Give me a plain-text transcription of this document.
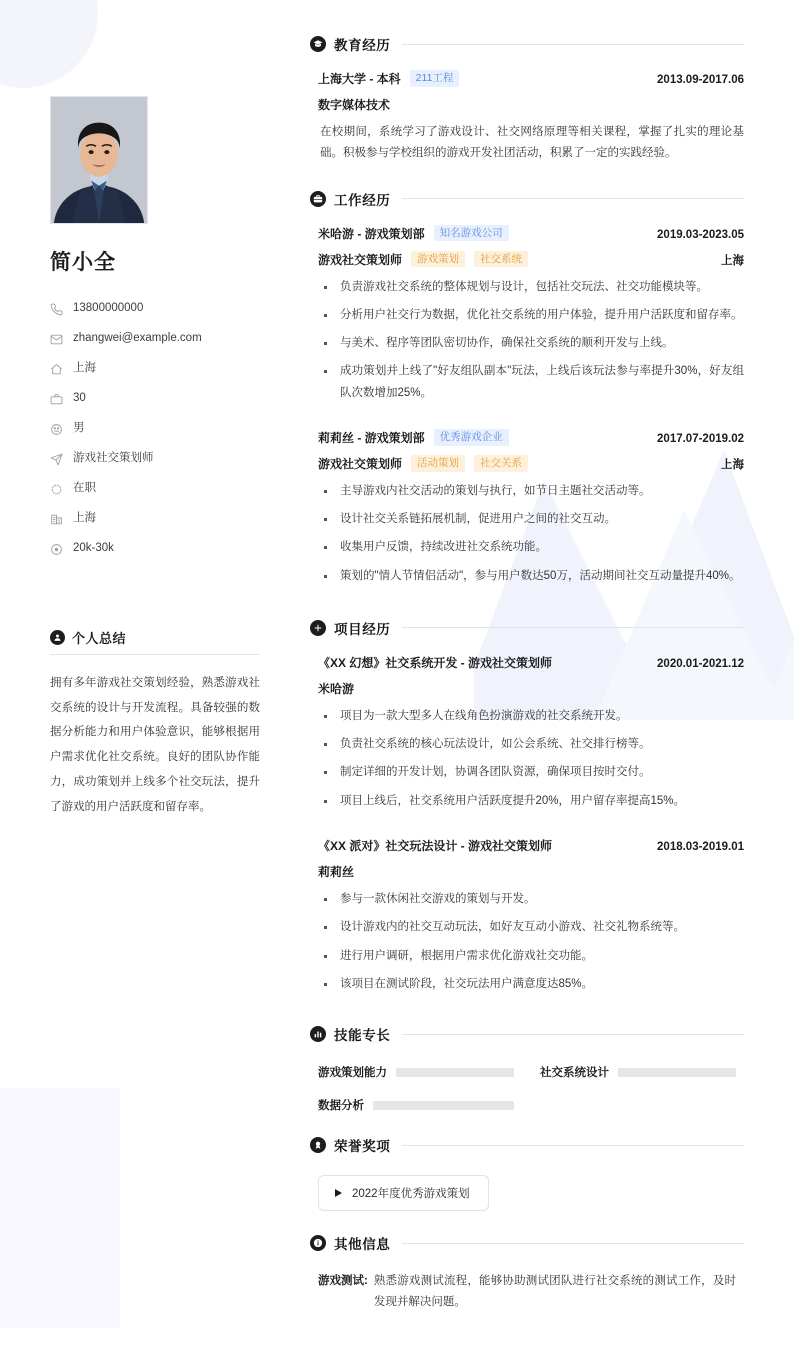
简小全
13800000000
zhangwei@example.com
上海
30
男
游戏社交策划师
在职
上海
20k-30k
个人总结

拥有多年游戏社交策划经验，熟悉游戏社交系统的设计与开发流程。具备较强的数据分析能力和用户体验意识，能够根据用户需求优化社交系统。良好的团队协作能力，成功策划并上线多个社交玩法，提升了游戏的用户活跃度和留存率。

教育经历
上海大学 - 本科	211工程	2013.09-2017.06
数字媒体技术

在校期间，系统学习了游戏设计、社交网络原理等相关课程，掌握了扎实的理论基础。积极参与学校组织的游戏开发社团活动，积累了一定的实践经验。

工作经历
米哈游 - 游戏策划部	知名游戏公司	2019.03-2023.05
游戏社交策划师	游戏策划	社交系统	上海
负责游戏社交系统的整体规划与设计，包括社交玩法、社交功能模块等。
分析用户社交行为数据，优化社交系统的用户体验，提升用户活跃度和留存率。
与美术、程序等团队密切协作，确保社交系统的顺利开发与上线。
成功策划并上线了"好友组队副本"玩法，上线后该玩法参与率提升30%，好友组队次数增加25%。
莉莉丝 - 游戏策划部	优秀游戏企业	2017.07-2019.02
游戏社交策划师	活动策划	社交关系	上海
主导游戏内社交活动的策划与执行，如节日主题社交活动等。
设计社交关系链拓展机制，促进用户之间的社交互动。
收集用户反馈，持续改进社交系统功能。
策划的"情人节情侣活动"，参与用户数达50万，活动期间社交互动量提升40%。
项目经历
《XX 幻想》社交系统开发 - 游戏社交策划师	2020.01-2021.12
米哈游
项目为一款大型多人在线角色扮演游戏的社交系统开发。
负责社交系统的核心玩法设计，如公会系统、社交排行榜等。
制定详细的开发计划，协调各团队资源，确保项目按时交付。
项目上线后，社交系统用户活跃度提升20%，用户留存率提高15%。
《XX 派对》社交玩法设计 - 游戏社交策划师	2018.03-2019.01
莉莉丝
参与一款休闲社交游戏的策划与开发。
设计游戏内的社交互动玩法，如好友互动小游戏、社交礼物系统等。
进行用户调研，根据用户需求优化游戏社交功能。
该项目在测试阶段，社交玩法用户满意度达85%。
技能专长
游戏策划能力	社交系统设计
数据分析
荣誉奖项
2022年度优秀游戏策划
其他信息
游戏测试: 熟悉游戏测试流程，能够协助测试团队进行社交系统的测试工作，及时发现并解决问题。
